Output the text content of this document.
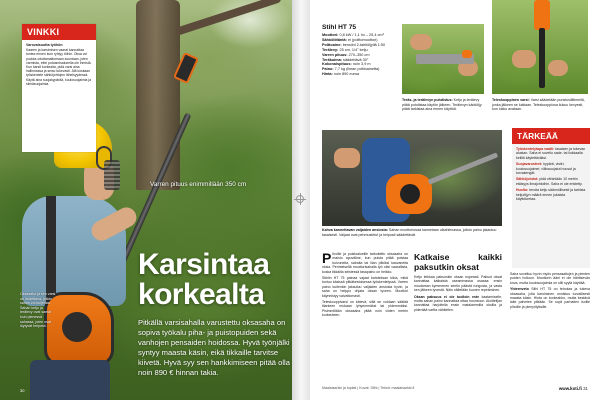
VINKKI
Varovaisuutta työhön
Kaaren ja karsimisen vaarat kannattaa tuntea ennen kuin ryhtyy töihin. Oksa voi pudota odottamattomaan suuntaan, joten varmista, ettei putoamisalueella ole ihmisiä. Kun karsit korkealta, pidä varsi aina hallinnassa ja seiso tukevasti. Älä koskaan työskentele sähköjohtojen läheisyydessä. Käytä aina suojakypärää, kuulosuojaimia ja silmäsuojaimia.
Varren pituus enimmillään 350 cm
Karsintaa
korkealta
Pitkällä varsisahalla varustettu oksasaha on sopiva työkalu piha- ja puistopuiden sekä vanhojen pensaiden hoidossa. Hyvä työnjälki syntyy maasta käsin, eikä tikkaille tarvitse kiivetä. Hyvä syy sen hankkimiseen pitää olla noin 890 € hinnan takia.
Oksasaha ja sen varsi on irrotettava, jolloin sahan voi kuljettaa. Sahan ketju ja terälevy ovat samat kuin pienessä sahassa, joten osat löytyvät helposti.
30
Stihl HT 75
Moottori: 0,8 kW / 1,1 hv – 25,4 cm³
Sähköliitäntä: ei (polttomoottori)
Polttoaine: bensiini 2-tahtiöljyllä 1:50
Terälevy: 25 cm, 1/4" ketju
Varren pituus: 270–350 cm
Teräkulma: säädettävä 30°
Kokonaispituus: noin 3,9 m
Paino: 7,7 kg (ilman polttoainetta)
Hinta: noin 890 euroa
Teräs- ja terälevyn puhdistus: Ketju ja terälevy pitää puhdistaa käytön jälkeen. Terälevyn kärkiöljy pitää tarkistaa aina ennen käyttöä.
Teleskooppinen varsi: Varsi säädetään puristusliittimellä, jonka jälkeen se lukitaan. Teleskooppiosa liukuu kevyesti, kun lukko avataan.
Kahva kannettavan valjaiden ansiosta: Sahan moottoriosaa kannetaan olkahihnassa, jolloin paino jakautuu tasaisesti. Valjaat ovat pehmustetut ja helposti säädettävät.
TÄRKEÄÄ

Työskentelytapa vaatii: tasaisen ja tukevan alustan. Saha ei sovellu sade- tai liukkaalla kelillä käytettäväksi.

Suojavarusteet: kypärä, visiiri, kuulosuojaimet, viiltosuojatut housut ja turvakengät.

Sähköjohdot: pidä vähintään 10 metrin etäisyys ilmajohtoihin. Saha ei ole eristetty.

Huolto: teroita ketju säännöllisesti ja tarkista ketjuöljyn määrä ennen jokaista käyttökertaa.

Pihoille ja puistoalueille tarkoitettu oksasaha on mainio apuväline, kun puista pitää poistaa kuivuneita, sairaita tai liian pitkiksi kasvaneita oksia. Perinteisellä moottorisahalla työ olisi vaarallista, koska tikkailla seistessä tasapaino on heikko.

Stihlin HT 75 painaa vajaat kahdeksan kiloa, mikä tuntuu käsissä pitkäkestoisessa työskentelyssä. Varren paino kuitenkin jakautuu valjaiden ansiosta hyvin, ja saha on helppo ohjata oksan tyveen. Moottori käynnistyy vaivattomasti.

Teleskooppivarsi on kätevä, sillä se voidaan säätää tilanteen mukaan lyhyemmäksi tai pidemmäksi. Pisimmillään oksasaha yltää noin viiden metrin korkeuteen.

Katkaise kaikki paksutkin oksat

Ketju leikkaa paksunkin oksan nopeasti. Paksut oksat kannattaa katkaista useammassa osassa: ensin muutaman kymmenen sentin päästä rungosta, ja vasta sen jälkeen tyvestä. Näin vältetään kuoren repeäminen.

Oksan paksuus ei ole tuolloin este kaatamiselle, mutta sahan paino kannattaa ottaa huomioon. Aloittelijan kannattaa harjoitella ensin matalammilla oksilla ja pidentää vartta vähitellen.

Saha soveltuu hyvin myös pensasaitojen ja pienten puiden hoitoon. Moottorin ääni ei ole häiritsevän kova, mutta kuulosuojaimia on silti syytä käyttää.

Yhteenveto Stihl HT 75 on tehokas ja tukeva oksasaha, jolla karsiminen onnistuu turvallisesti maasta käsin. Hinta on korkeahko, mutta kestävä laite palvelee pitkään. Se sopii parhaiten isoille pihoille ja pienyrityksille.

Maalaisarkki ja tuplati | Kuvat: Stihl | Teksti: maalaisarkki.fi	www.koti.fi 31
